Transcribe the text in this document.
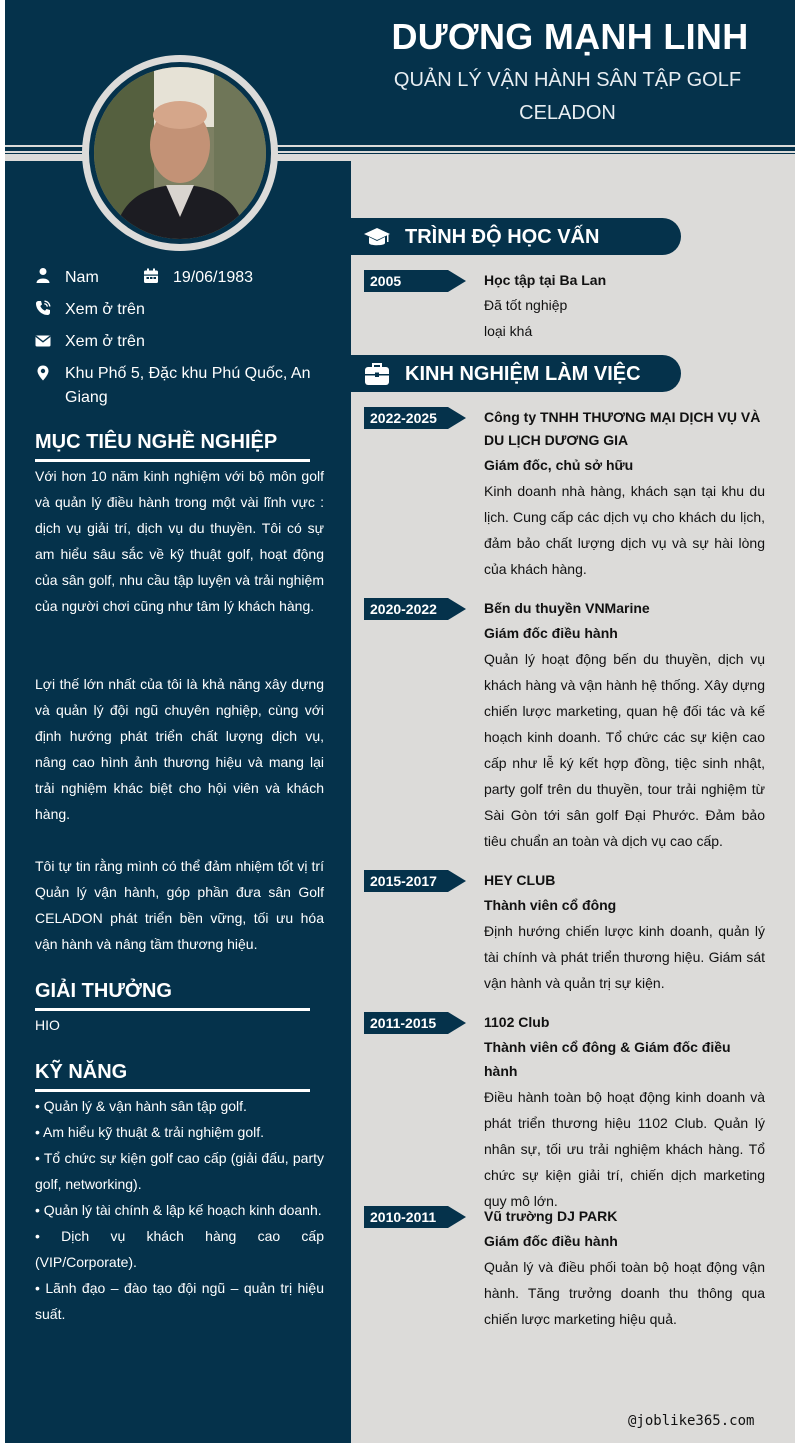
DƯƠNG MẠNH LINH
QUẢN LÝ VẬN HÀNH SÂN TẬP GOLF CELADON
Nam	19/06/1983
Xem ở trên
Xem ở trên
Khu Phố 5, Đặc khu Phú Quốc, An Giang
MỤC TIÊU NGHỀ NGHIỆP
Với hơn 10 năm kinh nghiệm với bộ môn golf và quản lý điều hành trong một vài lĩnh vực : dịch vụ giải trí, dịch vụ du thuyền. Tôi có sự am hiểu sâu sắc về kỹ thuật golf, hoạt động của sân golf, nhu cầu tập luyện và trải nghiệm của người chơi cũng như tâm lý khách hàng.
Lợi thế lớn nhất của tôi là khả năng xây dựng và quản lý đội ngũ chuyên nghiệp, cùng với định hướng phát triển chất lượng dịch vụ, nâng cao hình ảnh thương hiệu và mang lại trải nghiệm khác biệt cho hội viên và khách hàng.
Tôi tự tin rằng mình có thể đảm nhiệm tốt vị trí Quản lý vận hành, góp phần đưa sân Golf CELADON phát triển bền vững, tối ưu hóa vận hành và nâng tầm thương hiệu.
GIẢI THƯỞNG
HIO
KỸ NĂNG
• Quản lý & vận hành sân tập golf.
• Am hiểu kỹ thuật & trải nghiệm golf.
• Tổ chức sự kiện golf cao cấp (giải đấu, party golf, networking).
• Quản lý tài chính & lập kế hoạch kinh doanh.
• Dịch vụ khách hàng cao cấp (VIP/Corporate).
• Lãnh đạo – đào tạo đội ngũ – quản trị hiệu suất.
TRÌNH ĐỘ HỌC VẤN
2005	Học tập tại Ba Lan
Đã tốt nghiệp
loại khá
KINH NGHIỆM LÀM VIỆC
2022-2025	Công ty TNHH THƯƠNG MẠI DỊCH VỤ VÀ DU LỊCH DƯƠNG GIA
Giám đốc, chủ sở hữu
Kinh doanh nhà hàng, khách sạn tại khu du lịch. Cung cấp các dịch vụ cho khách du lịch, đảm bảo chất lượng dịch vụ và sự hài lòng của khách hàng.
2020-2022	Bến du thuyền VNMarine
Giám đốc điều hành
Quản lý hoạt động bến du thuyền, dịch vụ khách hàng và vận hành hệ thống. Xây dựng chiến lược marketing, quan hệ đối tác và kế hoạch kinh doanh. Tổ chức các sự kiện cao cấp như lễ ký kết hợp đồng, tiệc sinh nhật, party golf trên du thuyền, tour trải nghiệm từ Sài Gòn tới sân golf Đại Phước. Đảm bảo tiêu chuẩn an toàn và dịch vụ cao cấp.
2015-2017	HEY CLUB
Thành viên cổ đông
Định hướng chiến lược kinh doanh, quản lý tài chính và phát triển thương hiệu. Giám sát vận hành và quản trị sự kiện.
2011-2015	1102 Club
Thành viên cổ đông & Giám đốc điều hành
Điều hành toàn bộ hoạt động kinh doanh và phát triển thương hiệu 1102 Club. Quản lý nhân sự, tối ưu trải nghiệm khách hàng. Tổ chức sự kiện giải trí, chiến dịch marketing quy mô lớn.
2010-2011	Vũ trường DJ PARK
Giám đốc điều hành
Quản lý và điều phối toàn bộ hoạt động vận hành. Tăng trưởng doanh thu thông qua chiến lược marketing hiệu quả.
@joblike365.com
